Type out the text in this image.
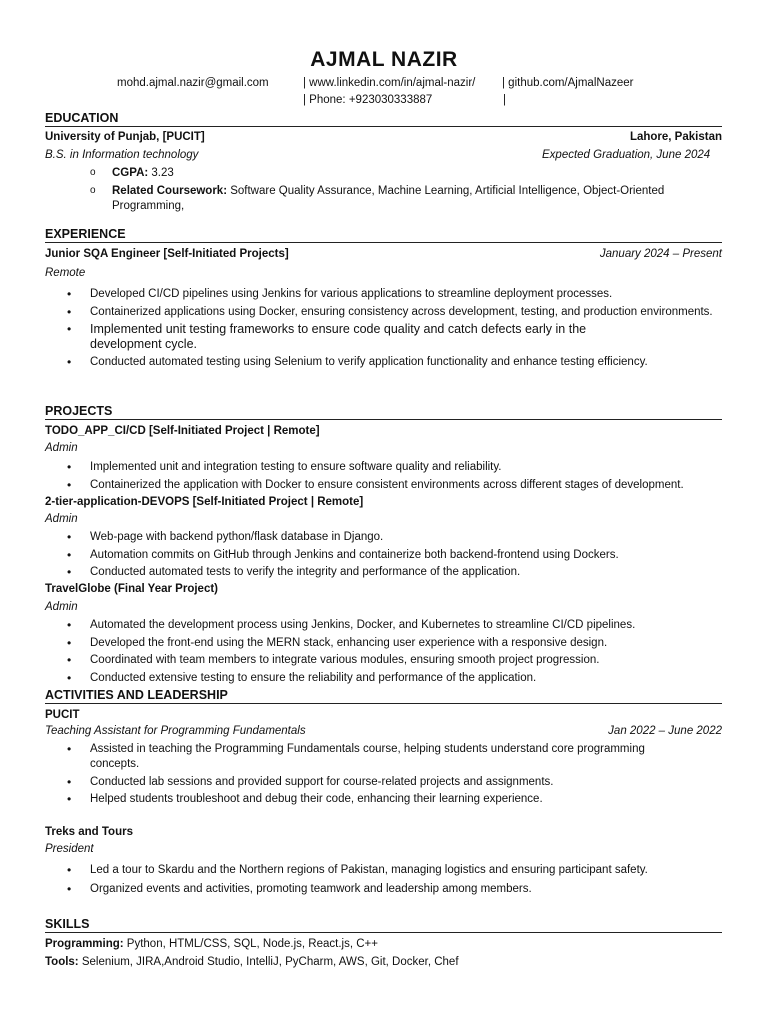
AJMAL NAZIR
mohd.ajmal.nazir@gmail.com	| www.linkedin.com/in/ajmal-nazir/ | github.com/AjmalNazeer
| Phone: +923030333887	|
EDUCATION
University of Punjab, [PUCIT]	Lahore, Pakistan
B.S. in Information technology	Expected Graduation, June 2024
o CGPA: 3.23
o Related Coursework: Software Quality Assurance, Machine Learning, Artificial Intelligence, Object-Oriented Programming,
EXPERIENCE
Junior SQA Engineer [Self-Initiated Projects]	January 2024 – Present
Remote
• Developed CI/CD pipelines using Jenkins for various applications to streamline deployment processes.
• Containerized applications using Docker, ensuring consistency across development, testing, and production environments.
• Implemented unit testing frameworks to ensure code quality and catch defects early in the development cycle.
• Conducted automated testing using Selenium to verify application functionality and enhance testing efficiency.
PROJECTS
TODO_APP_CI/CD [Self-Initiated Project | Remote]
Admin
• Implemented unit and integration testing to ensure software quality and reliability.
• Containerized the application with Docker to ensure consistent environments across different stages of development.
2-tier-application-DEVOPS [Self-Initiated Project | Remote]
Admin
• Web-page with backend python/flask database in Django.
• Automation commits on GitHub through Jenkins and containerize both backend-frontend using Dockers.
• Conducted automated tests to verify the integrity and performance of the application.
TravelGlobe (Final Year Project)
Admin
• Automated the development process using Jenkins, Docker, and Kubernetes to streamline CI/CD pipelines.
• Developed the front-end using the MERN stack, enhancing user experience with a responsive design.
• Coordinated with team members to integrate various modules, ensuring smooth project progression.
• Conducted extensive testing to ensure the reliability and performance of the application.
ACTIVITIES AND LEADERSHIP
PUCIT
Teaching Assistant for Programming Fundamentals	Jan 2022 – June 2022
• Assisted in teaching the Programming Fundamentals course, helping students understand core programming concepts.
• Conducted lab sessions and provided support for course-related projects and assignments.
• Helped students troubleshoot and debug their code, enhancing their learning experience.
Treks and Tours
President
• Led a tour to Skardu and the Northern regions of Pakistan, managing logistics and ensuring participant safety.
• Organized events and activities, promoting teamwork and leadership among members.
SKILLS
Programming: Python, HTML/CSS, SQL, Node.js, React.js, C++
Tools: Selenium, JIRA,Android Studio, IntelliJ, PyCharm, AWS, Git, Docker, Chef
